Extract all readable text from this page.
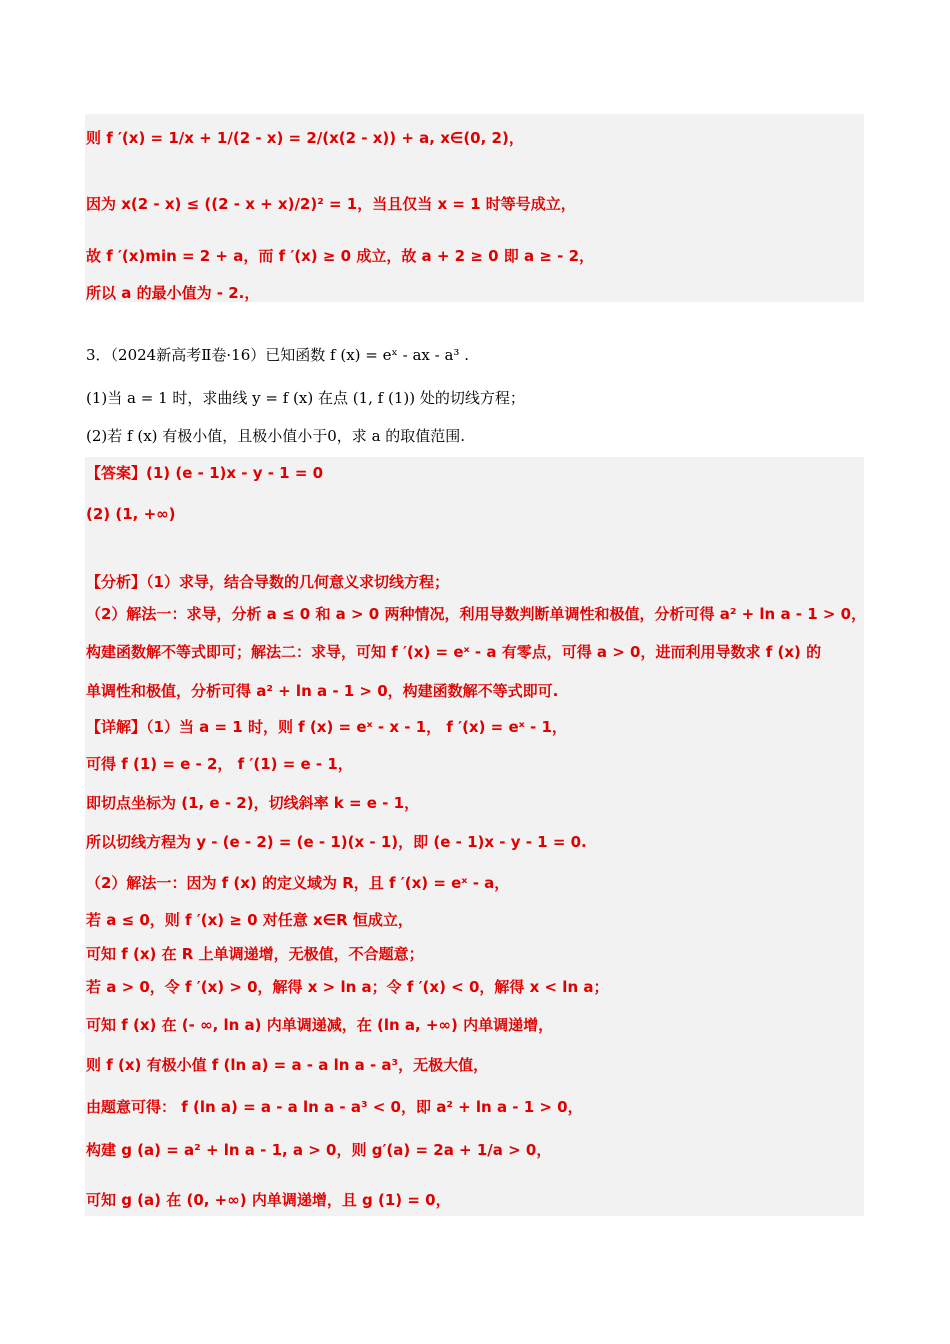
则 f ′(x) = 1/x + 1/(2 - x) = 2/(x(2 - x)) + a, x∈(0, 2)，
因为 x(2 - x) ≤ ((2 - x + x)/2)² = 1，当且仅当 x = 1 时等号成立，
故 f ′(x)min = 2 + a，而 f ′(x) ≥ 0 成立，故 a + 2 ≥ 0 即 a ≥ - 2，
所以 a 的最小值为 - 2.，
3．（2024新高考Ⅱ卷·16）已知函数 f (x) = eˣ - ax - a³ .
(1)当 a = 1 时，求曲线 y = f (x) 在点 (1, f (1)) 处的切线方程；
(2)若 f (x) 有极小值，且极小值小于0，求 a 的取值范围.
【答案】(1) (e - 1)x - y - 1 = 0
(2) (1, +∞)
【分析】（1）求导，结合导数的几何意义求切线方程；
（2）解法一：求导，分析 a ≤ 0 和 a > 0 两种情况，利用导数判断单调性和极值，分析可得 a² + ln a - 1 > 0，
构建函数解不等式即可；解法二：求导，可知 f ′(x) = eˣ - a 有零点，可得 a > 0，进而利用导数求 f (x) 的
单调性和极值，分析可得 a² + ln a - 1 > 0，构建函数解不等式即可.
【详解】（1）当 a = 1 时，则 f (x) = eˣ - x - 1， f ′(x) = eˣ - 1，
可得 f (1) = e - 2， f ′(1) = e - 1，
即切点坐标为 (1, e - 2)，切线斜率 k = e - 1，
所以切线方程为 y - (e - 2) = (e - 1)(x - 1)，即 (e - 1)x - y - 1 = 0.
（2）解法一：因为 f (x) 的定义域为 R，且 f ′(x) = eˣ - a，
若 a ≤ 0，则 f ′(x) ≥ 0 对任意 x∈R 恒成立，
可知 f (x) 在 R 上单调递增，无极值，不合题意；
若 a > 0，令 f ′(x) > 0，解得 x > ln a；令 f ′(x) < 0，解得 x < ln a；
可知 f (x) 在 (- ∞, ln a) 内单调递减，在 (ln a, +∞) 内单调递增，
则 f (x) 有极小值 f (ln a) = a - a ln a - a³，无极大值，
由题意可得： f (ln a) = a - a ln a - a³ < 0，即 a² + ln a - 1 > 0，
构建 g (a) = a² + ln a - 1, a > 0，则 g′(a) = 2a + 1/a > 0，
可知 g (a) 在 (0, +∞) 内单调递增，且 g (1) = 0，
